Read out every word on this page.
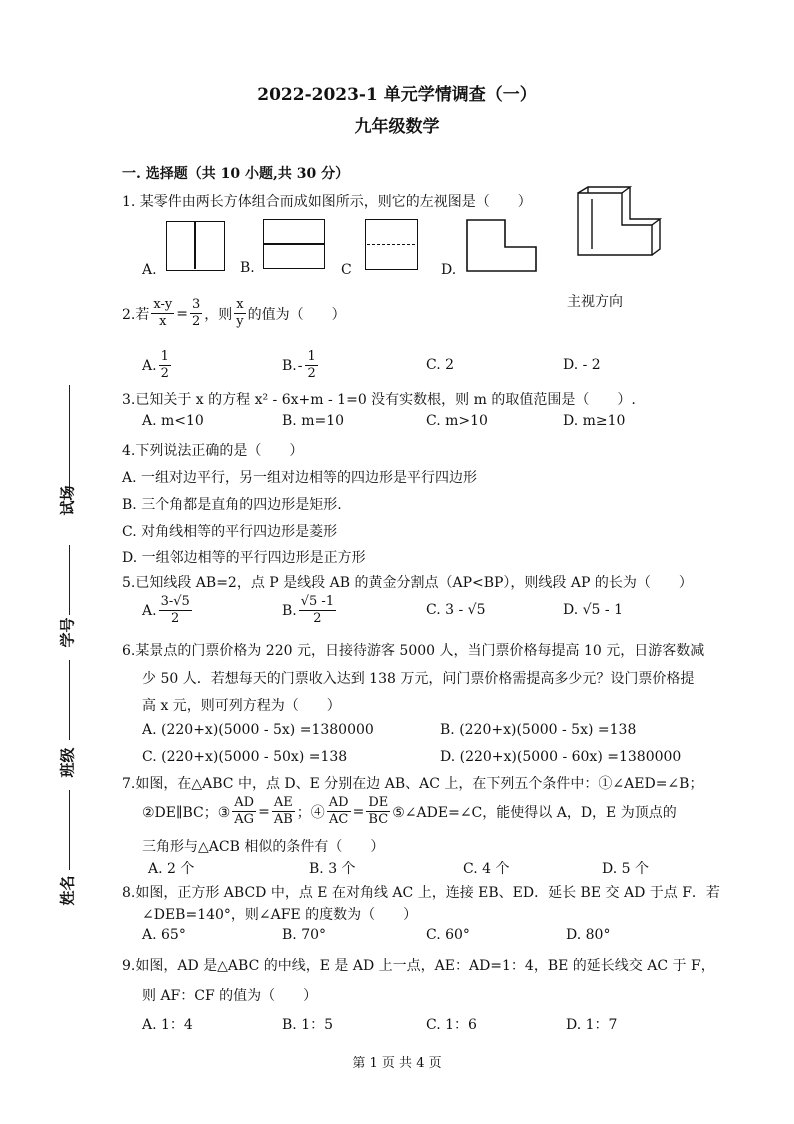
2022-2023-1 单元学情调查（一）
九年级数学
试场
学号
班级
姓名
一. 选择题（共 10 小题,共 30 分）
1. 某零件由两长方体组合而成如图所示，则它的左视图是（　　）
A.	B.	C	D.
主视方向
2.若 $\frac{x-y}{x} = \frac{3}{2}$ ，则 $\frac{x}{y}$ 的值为（　　）
A. $\frac{1}{2}$	B. - $\frac{1}{2}$	C. 2	D. - 2
3.已知关于 x 的方程 x² - 6x+m - 1=0 没有实数根，则 m 的取值范围是（　　）.
A. m<10	B. m=10	C. m>10	D. m≥10
4.下列说法正确的是（　　）
A. 一组对边平行，另一组对边相等的四边形是平行四边形
B. 三个角都是直角的四边形是矩形.
C. 对角线相等的平行四边形是菱形
D. 一组邻边相等的平行四边形是正方形
5.已知线段 AB=2，点 P 是线段 AB 的黄金分割点（AP<BP），则线段 AP 的长为（　　）
A. $\frac{3-√5}{2}$	B. $\frac{√5 -1}{2}$	C. 3 - √5	D. √5 - 1
6.某景点的门票价格为 220 元，日接待游客 5000 人，当门票价格每提高 10 元，日游客数减
少 50 人．若想每天的门票收入达到 138 万元，问门票价格需提高多少元？设门票价格提
高 x 元，则可列方程为（　　）
A. (220+x)(5000 - 5x) =1380000	B. (220+x)(5000 - 5x) =138
C. (220+x)(5000 - 50x) =138	D. (220+x)(5000 - 60x) =1380000
7.如图，在△ABC 中，点 D、E 分别在边 AB、AC 上，在下列五个条件中：①∠AED=∠B；
②DE∥BC；③ $\frac{AD}{AG} = \frac{AE}{AB}$ ；④ $\frac{AD}{AC} = \frac{DE}{BC}$ ⑤∠ADE=∠C，能使得以 A，D，E 为顶点的
三角形与△ACB 相似的条件有（　　）
A. 2 个	B. 3 个	C. 4 个	D. 5 个
8.如图，正方形 ABCD 中，点 E 在对角线 AC 上，连接 EB、ED．延长 BE 交 AD 于点 F．若
∠DEB=140°，则∠AFE 的度数为（　　）
A. 65°	B. 70°	C. 60°	D. 80°
9.如图，AD 是△ABC 的中线，E 是 AD 上一点，AE：AD=1：4，BE 的延长线交 AC 于 F，
则 AF：CF 的值为（　　）
A. 1：4	B. 1：5	C. 1：6	D. 1：7
第 1 页 共 4 页
